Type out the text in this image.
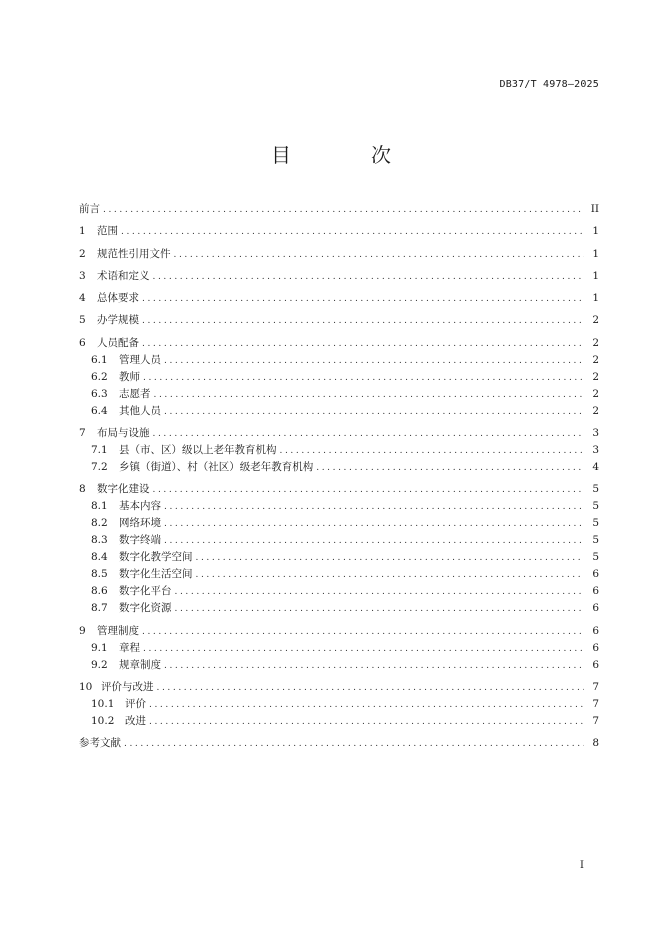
DB37/T 4978—2025
目　次
前言 .....	II
1	范围 .....	1
2	规范性引用文件 .....	1
3	术语和定义 .....	1
4	总体要求 .....	1
5	办学规模 .....	2
6	人员配备 .....	2
6.1	管理人员 .....	2
6.2	教师 .....	2
6.3	志愿者 .....	2
6.4	其他人员 .....	2
7	布局与设施 .....	3
7.1	县（市、区）级以上老年教育机构 .....	3
7.2	乡镇（街道）、村（社区）级老年教育机构 .....	4
8	数字化建设 .....	5
8.1	基本内容 .....	5
8.2	网络环境 .....	5
8.3	数字终端 .....	5
8.4	数字化教学空间 .....	5
8.5	数字化生活空间 .....	6
8.6	数字化平台 .....	6
8.7	数字化资源 .....	6
9	管理制度 .....	6
9.1	章程 .....	6
9.2	规章制度 .....	6
10 评价与改进 .....	7
10.1	评价 .....	7
10.2	改进 .....	7
参考文献 .....	8
I
